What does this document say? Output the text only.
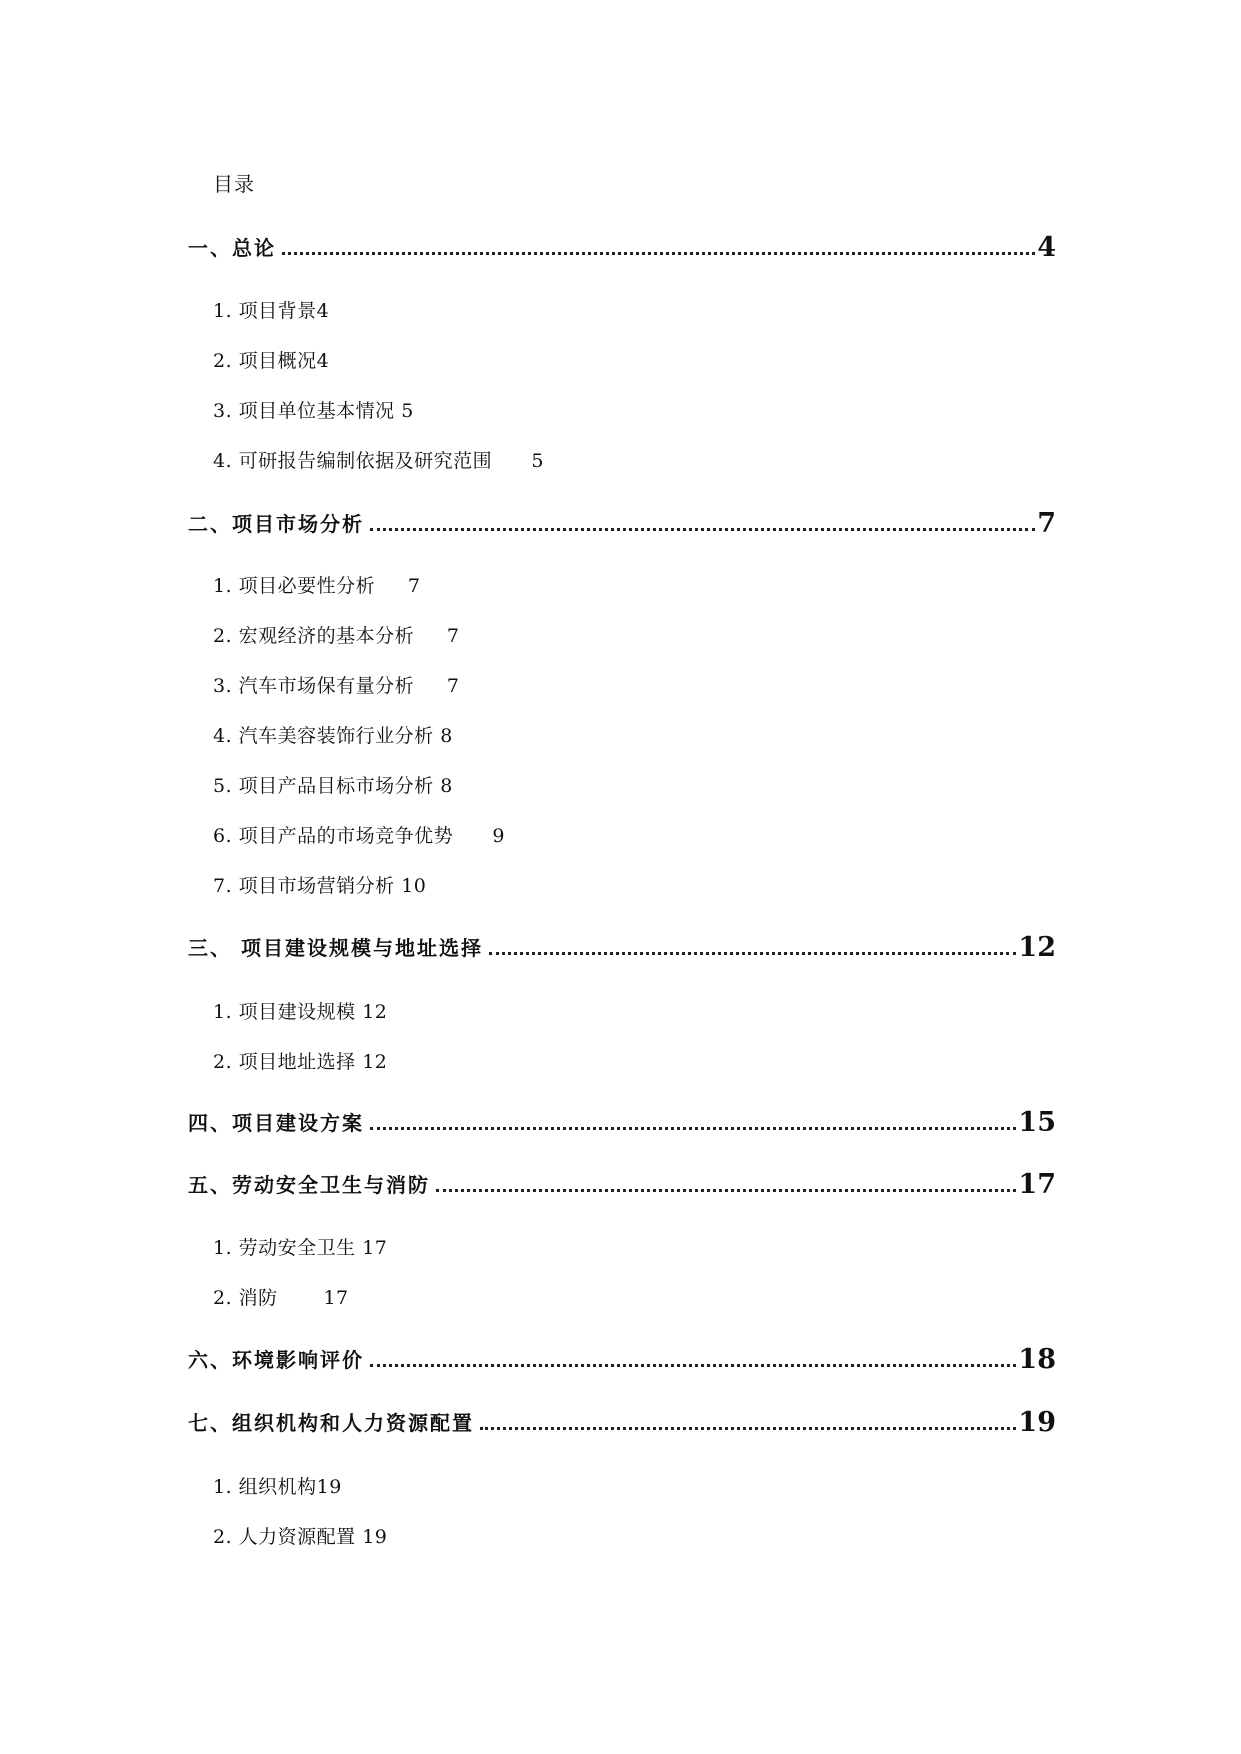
目录
一、总论	4
1. 项目背景4
2. 项目概况4
3. 项目单位基本情况 5
4. 可研报告编制依据及研究范围      5
二、项目市场分析	7
1. 项目必要性分析     7
2. 宏观经济的基本分析     7
3. 汽车市场保有量分析     7
4. 汽车美容装饰行业分析 8
5. 项目产品目标市场分析 8
6. 项目产品的市场竞争优势      9
7. 项目市场营销分析 10
三、 项目建设规模与地址选择	12
1. 项目建设规模 12
2. 项目地址选择 12
四、项目建设方案	15
五、劳动安全卫生与消防	17
1. 劳动安全卫生 17
2. 消防       17
六、环境影响评价	18
七、组织机构和人力资源配置	19
1. 组织机构19
2. 人力资源配置 19
